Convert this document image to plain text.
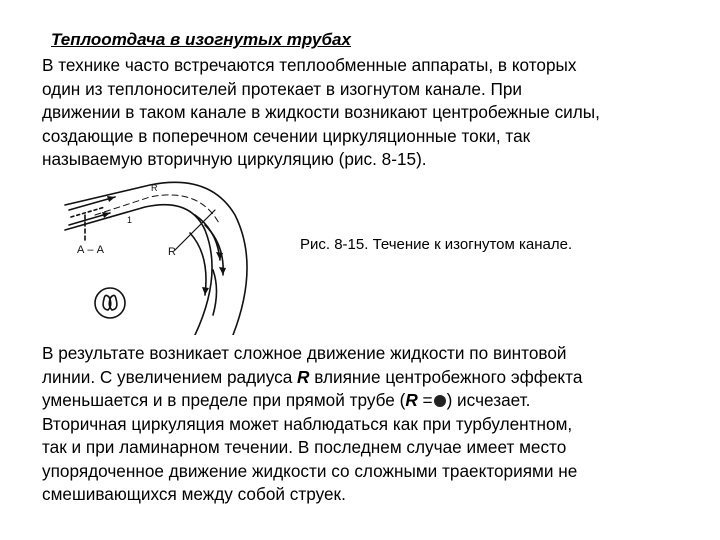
Теплоотдача в изогнутых трубах

В технике часто встречаются теплообменные аппараты, в которых
один из теплоносителей протекает в изогнутом канале. При
движении в таком канале в жидкости возникают центробежные силы,
создающие в поперечном сечении циркуляционные токи, так
называемую вторичную циркуляцию (рис. 8-15).

А – А	R
R
1
Рис. 8-15. Течение к изогнутом канале.

В результате возникает сложное движение жидкости по винтовой
линии. С увеличением радиуса R влияние центробежного эффекта
уменьшается и в пределе при прямой трубе (R = ) исчезает.
Вторичная циркуляция может наблюдаться как при турбулентном,
так и при ламинарном течении. В последнем случае имеет место
упорядоченное движение жидкости со сложными траекториями не
смешивающихся между собой струек.
